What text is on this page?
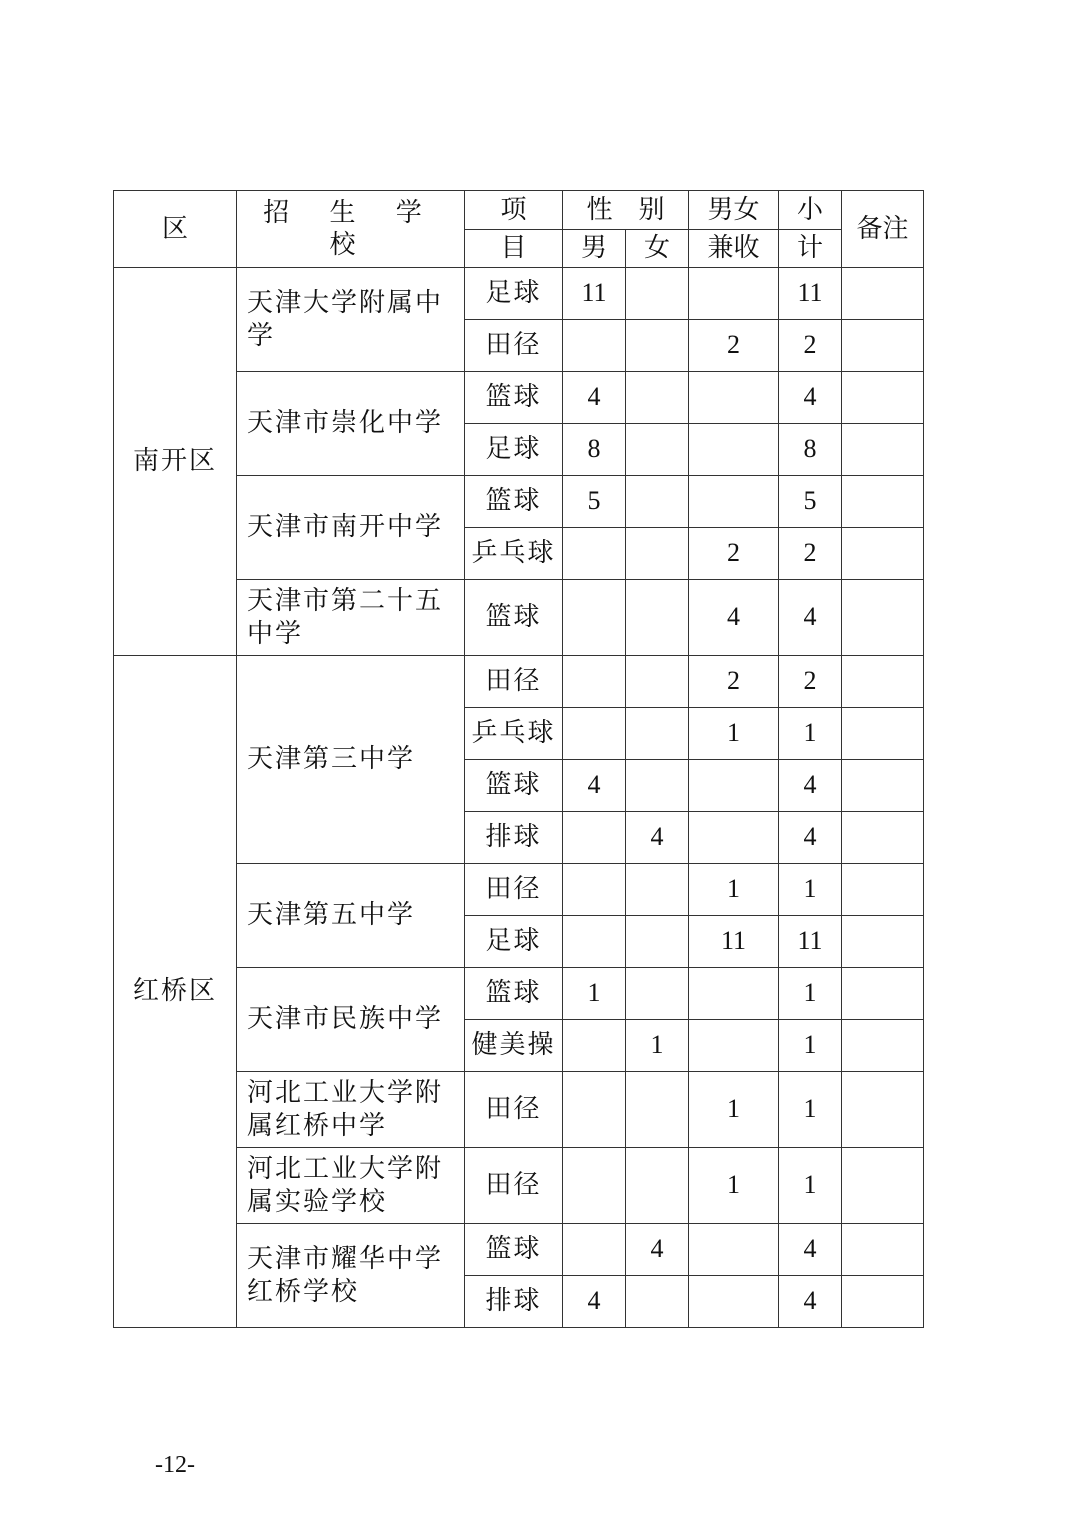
区	招 生 学 校	项	性　别		男女	小	备注
		目	男	女	兼收	计	
南开区	天津大学附属中学	足球	11			11	
		田径			2	2	
	天津市崇化中学	篮球	4			4	
		足球	8			8	
	天津市南开中学	篮球	5			5	
		乒乓球			2	2	
	天津市第二十五中学	篮球			4	4	
红桥区	天津第三中学	田径			2	2	
		乒乓球			1	1	
		篮球	4			4	
		排球		4		4	
	天津第五中学	田径			1	1	
		足球			11	11	
	天津市民族中学	篮球	1			1	
		健美操		1		1	
	河北工业大学附属红桥中学	田径			1	1	
	河北工业大学附属实验学校	田径			1	1	
	天津市耀华中学红桥学校	篮球		4		4	
		排球	4			4	
-12-
